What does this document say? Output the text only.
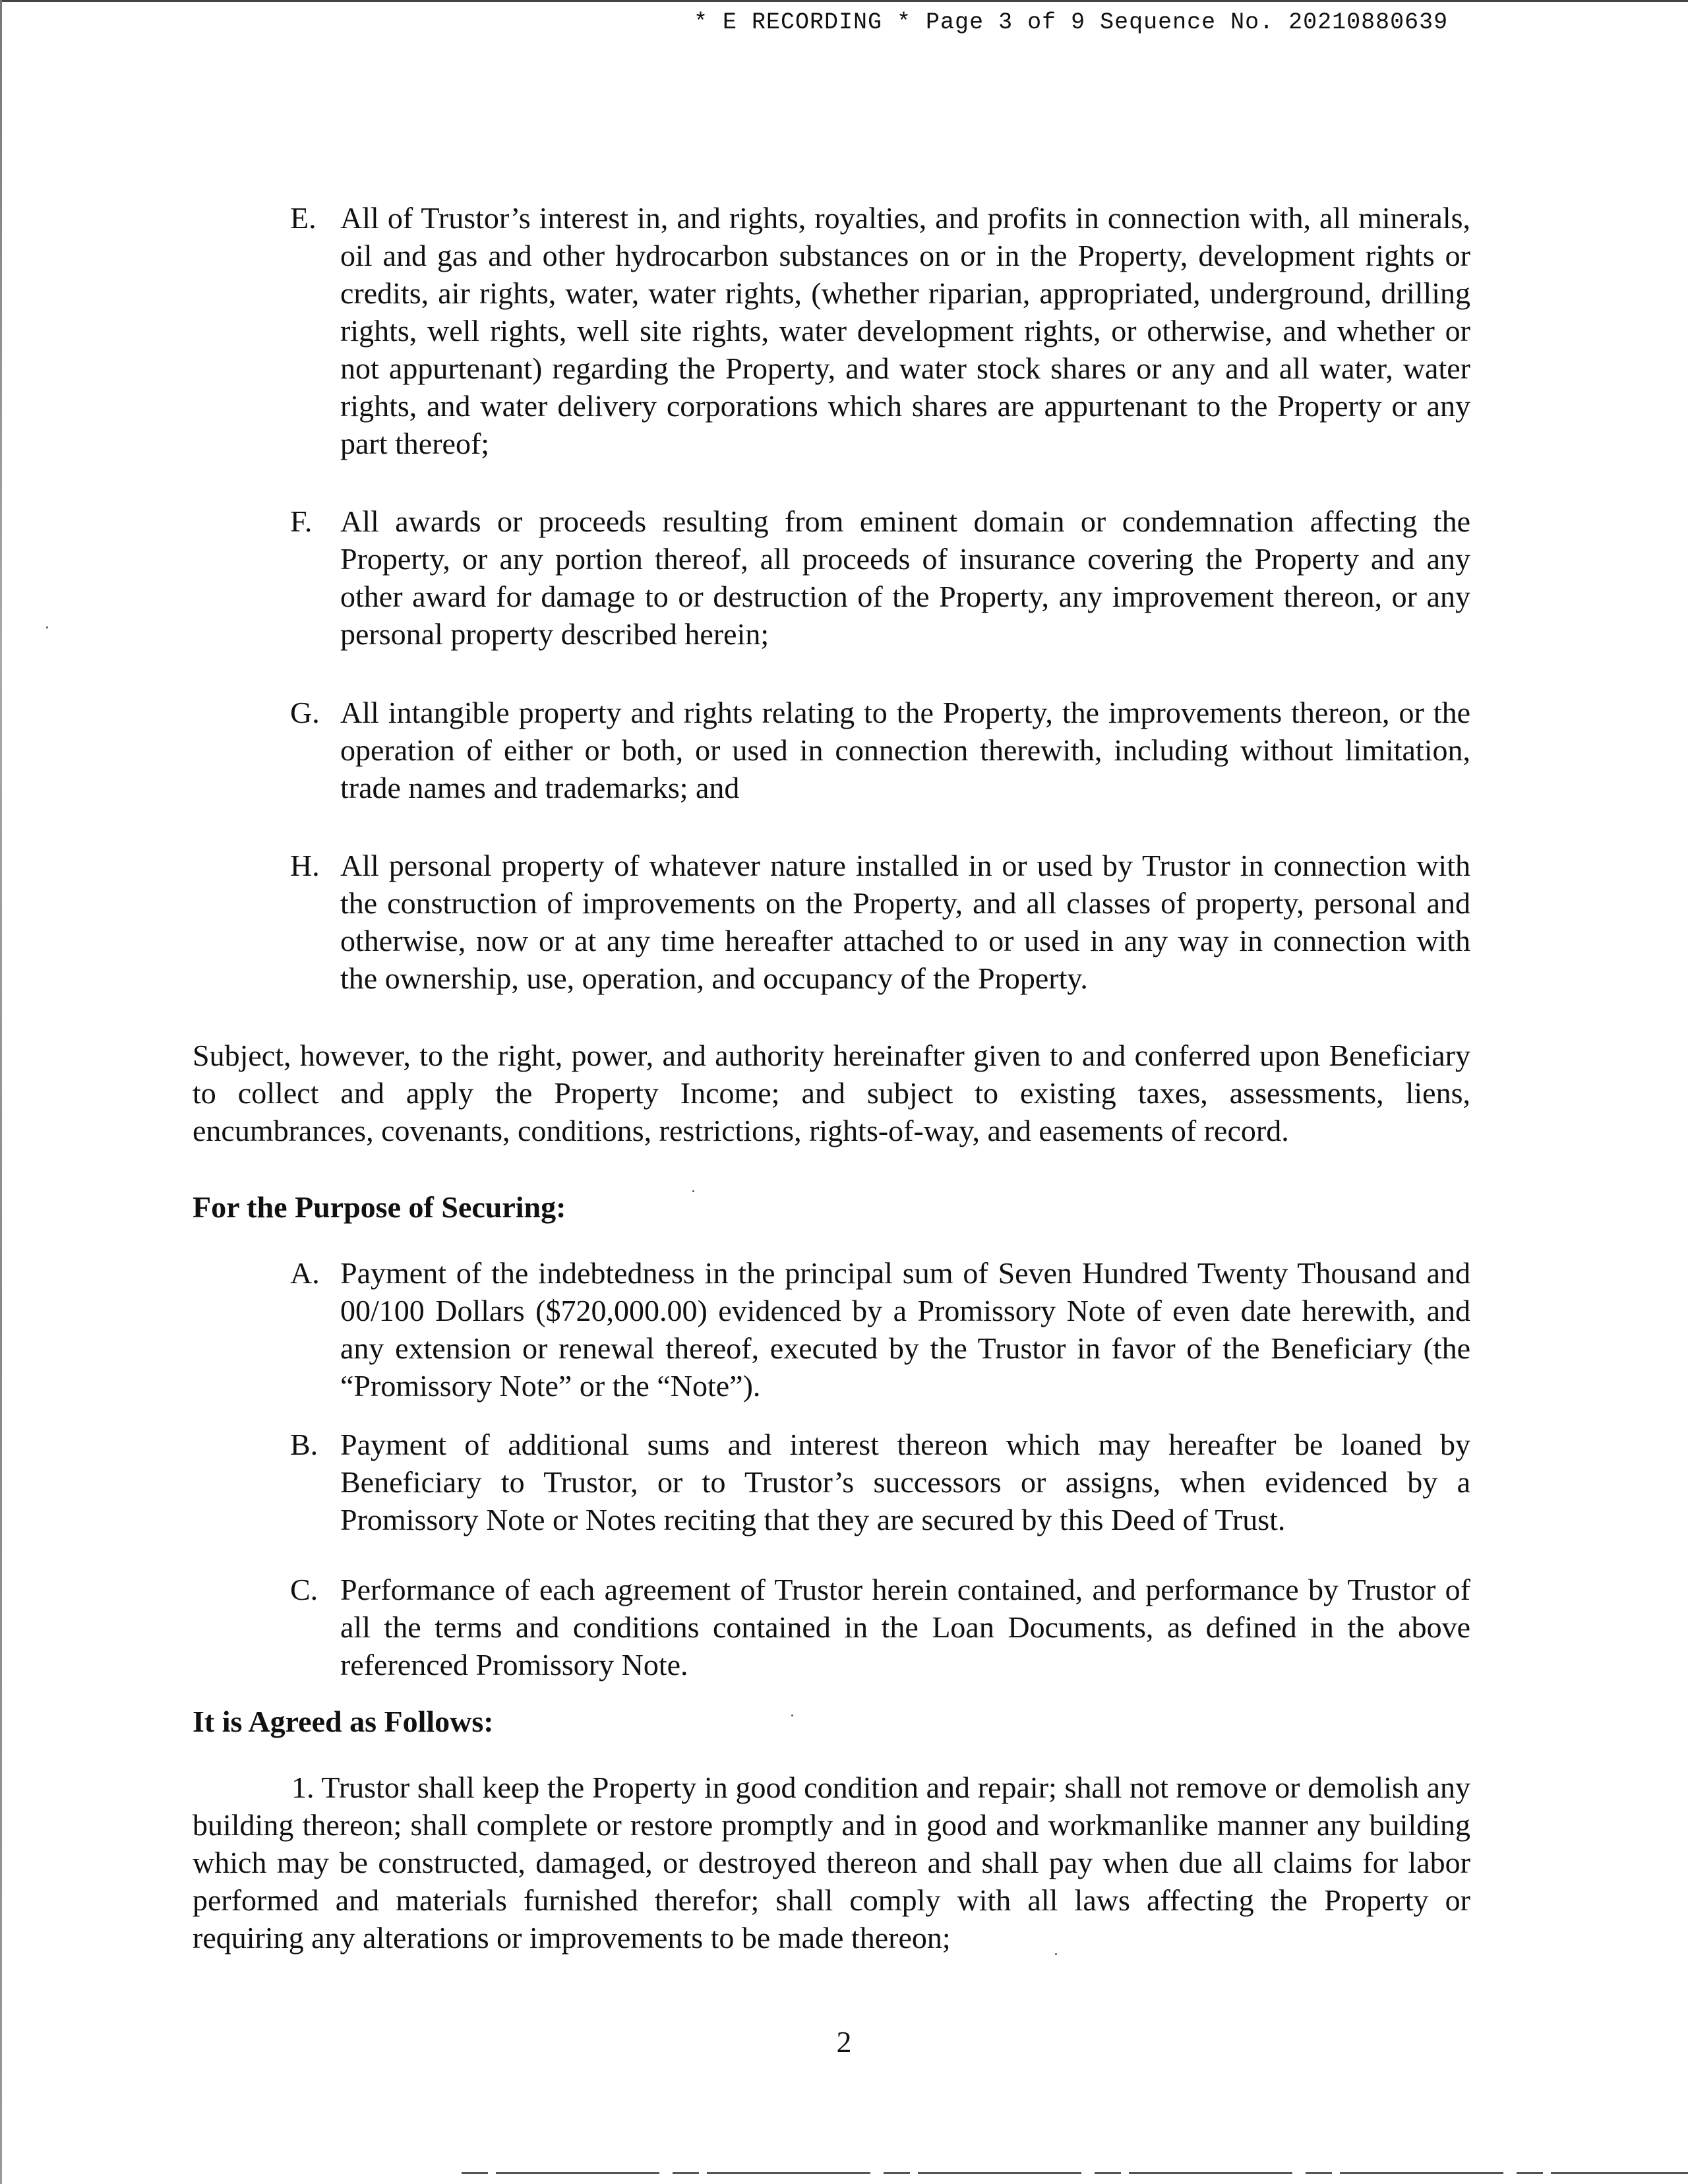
* E RECORDING * Page 3 of 9 Sequence No. 20210880639
E. All of Trustor’s interest in, and rights, royalties, and profits in connection with, all minerals, oil and gas and other hydrocarbon substances on or in the Property, development rights or credits, air rights, water, water rights, (whether riparian, appropriated, underground, drilling rights, well rights, well site rights, water development rights, or otherwise, and whether or not appurtenant) regarding the Property, and water stock shares or any and all water, water rights, and water delivery corporations which shares are appurtenant to the Property or any part thereof;
F. All awards or proceeds resulting from eminent domain or condemnation affecting the Property, or any portion thereof, all proceeds of insurance covering the Property and any other award for damage to or destruction of the Property, any improvement thereon, or any personal property described herein;
G. All intangible property and rights relating to the Property, the improvements thereon, or the operation of either or both, or used in connection therewith, including without limitation, trade names and trademarks; and
H. All personal property of whatever nature installed in or used by Trustor in connection with the construction of improvements on the Property, and all classes of property, personal and otherwise, now or at any time hereafter attached to or used in any way in connection with the ownership, use, operation, and occupancy of the Property.
Subject, however, to the right, power, and authority hereinafter given to and conferred upon Beneficiary to collect and apply the Property Income; and subject to existing taxes, assessments, liens, encumbrances, covenants, conditions, restrictions, rights-of-way, and easements of record.
For the Purpose of Securing:
A. Payment of the indebtedness in the principal sum of Seven Hundred Twenty Thousand and 00/100 Dollars ($720,000.00) evidenced by a Promissory Note of even date herewith, and any extension or renewal thereof, executed by the Trustor in favor of the Beneficiary (the “Promissory Note” or the “Note”).
B. Payment of additional sums and interest thereon which may hereafter be loaned by Beneficiary to Trustor, or to Trustor’s successors or assigns, when evidenced by a Promissory Note or Notes reciting that they are secured by this Deed of Trust.
C. Performance of each agreement of Trustor herein contained, and performance by Trustor of all the terms and conditions contained in the Loan Documents, as defined in the above referenced Promissory Note.
It is Agreed as Follows:
1. Trustor shall keep the Property in good condition and repair; shall not remove or demolish any building thereon; shall complete or restore promptly and in good and workmanlike manner any building which may be constructed, damaged, or destroyed thereon and shall pay when due all claims for labor performed and materials furnished therefor; shall comply with all laws affecting the Property or requiring any alterations or improvements to be made thereon;
2
